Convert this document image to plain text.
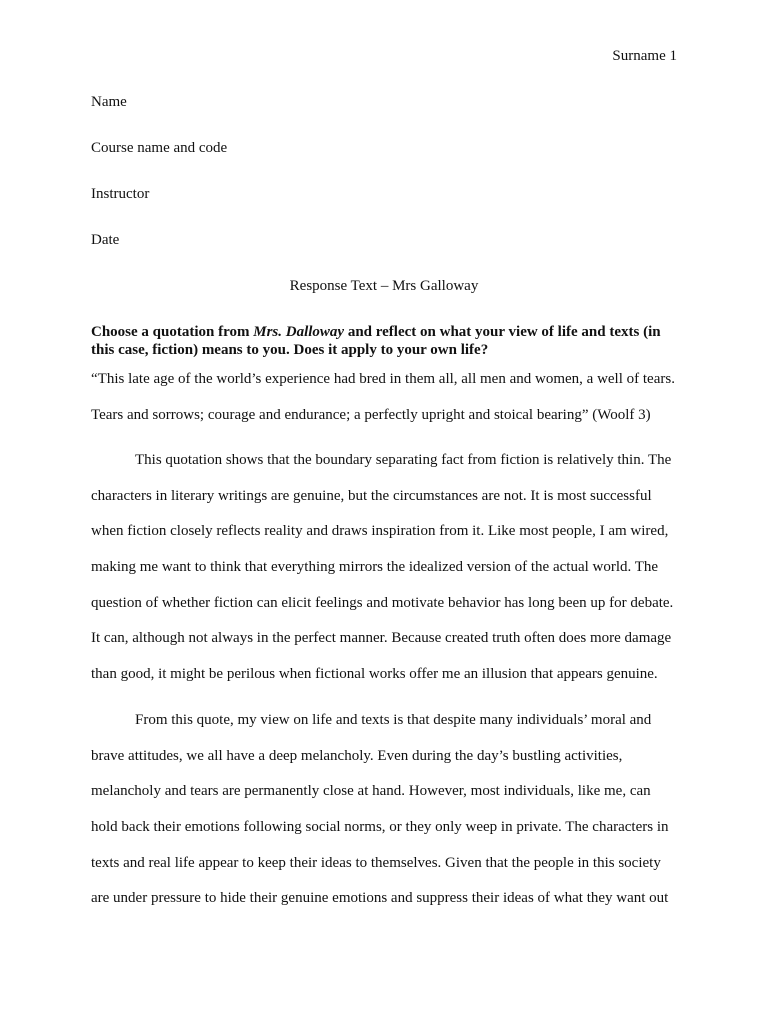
Surname 1
Name
Course name and code
Instructor
Date
Response Text – Mrs Galloway
Choose a quotation from Mrs. Dalloway and reflect on what your view of life and texts (in this case, fiction) means to you. Does it apply to your own life?
“This late age of the world’s experience had bred in them all, all men and women, a well of tears.
Tears and sorrows; courage and endurance; a perfectly upright and stoical bearing” (Woolf 3)
This quotation shows that the boundary separating fact from fiction is relatively thin. The
characters in literary writings are genuine, but the circumstances are not. It is most successful
when fiction closely reflects reality and draws inspiration from it. Like most people, I am wired,
making me want to think that everything mirrors the idealized version of the actual world. The
question of whether fiction can elicit feelings and motivate behavior has long been up for debate.
It can, although not always in the perfect manner. Because created truth often does more damage
than good, it might be perilous when fictional works offer me an illusion that appears genuine.
From this quote, my view on life and texts is that despite many individuals’ moral and
brave attitudes, we all have a deep melancholy. Even during the day’s bustling activities,
melancholy and tears are permanently close at hand. However, most individuals, like me, can
hold back their emotions following social norms, or they only weep in private. The characters in
texts and real life appear to keep their ideas to themselves. Given that the people in this society
are under pressure to hide their genuine emotions and suppress their ideas of what they want out
